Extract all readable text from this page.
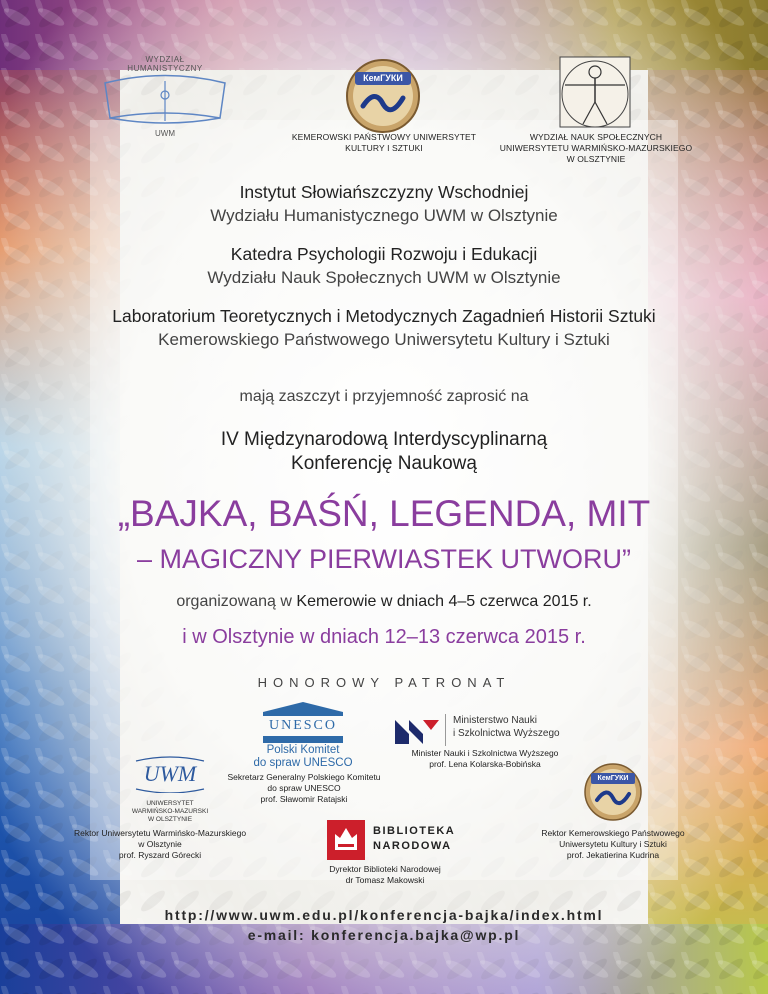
WYDZIAŁ
HUMANISTYCZNY
UWM
КемГУКИ
KEMEROWSKI PAŃSTWOWY UNIWERSYTET
KULTURY I SZTUKI
WYDZIAŁ NAUK SPOŁECZNYCH
UNIWERSYTETU WARMIŃSKO-MAZURSKIEGO
W OLSZTYNIE
Instytut Słowiańszczyzny Wschodniej
Wydziału Humanistycznego UWM w Olsztynie
Katedra Psychologii Rozwoju i Edukacji
Wydziału Nauk Społecznych UWM w Olsztynie
Laboratorium Teoretycznych i Metodycznych Zagadnień Historii Sztuki
Kemerowskiego Państwowego Uniwersytetu Kultury i Sztuki
mają zaszczyt i przyjemność zaprosić na
IV Międzynarodową Interdyscyplinarną
Konferencję Naukową
„BAJKA, BAŚŃ, LEGENDA, MIT
– MAGICZNY PIERWIASTEK UTWORU”
organizowaną w Kemerowie w dniach 4–5 czerwca 2015 r.
i w Olsztynie w dniach 12–13 czerwca 2015 r.
HONOROWY PATRONAT
UNESCO
Polski Komitet
do spraw UNESCO
Sekretarz Generalny Polskiego Komitetu
do spraw UNESCO
prof. Sławomir Ratajski
Ministerstwo Nauki
i Szkolnictwa Wyższego
Minister Nauki i Szkolnictwa Wyższego
prof. Lena Kolarska-Bobińska
UWM
UNIWERSYTET
WARMIŃSKO-MAZURSKI
W OLSZTYNIE
Rektor Uniwersytetu Warmińsko-Mazurskiego
w Olsztynie
prof. Ryszard Górecki
КемГУКИ
Rektor Kemerowskiego Państwowego
Uniwersytetu Kultury i Sztuki
prof. Jekatierina Kudrina
BIBLIOTEKA
NARODOWA
Dyrektor Biblioteki Narodowej
dr Tomasz Makowski
http://www.uwm.edu.pl/konferencja-bajka/index.html
e-mail: konferencja.bajka@wp.pl
